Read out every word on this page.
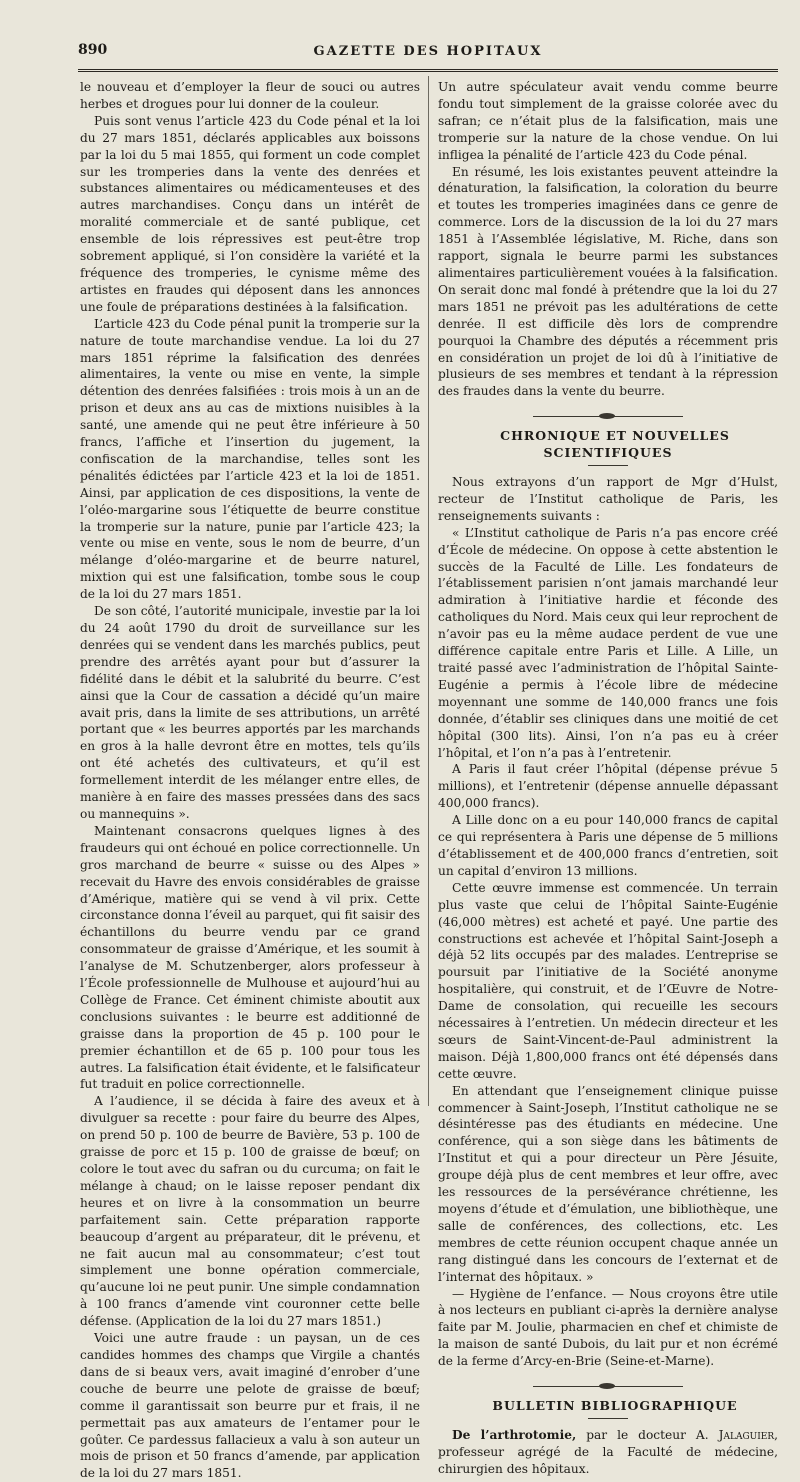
890	GAZETTE DES HOPITAUX

le nouveau et d’employer la fleur de souci ou autres herbes et drogues pour lui donner de la couleur.

Puis sont venus l’article 423 du Code pénal et la loi du 27 mars 1851, déclarés applicables aux boissons par la loi du 5 mai 1855, qui forment un code complet sur les tromperies dans la vente des denrées et substances alimentaires ou médicamenteuses et des autres marchandises. Conçu dans un intérêt de moralité commerciale et de santé publique, cet ensemble de lois répressives est peut-être trop sobrement appliqué, si l’on considère la variété et la fréquence des tromperies, le cynisme même des artistes en fraudes qui déposent dans les annonces une foule de préparations destinées à la falsification.

L’article 423 du Code pénal punit la tromperie sur la nature de toute marchandise vendue. La loi du 27 mars 1851 réprime la falsification des denrées alimentaires, la vente ou mise en vente, la simple détention des denrées falsifiées : trois mois à un an de prison et deux ans au cas de mixtions nuisibles à la santé, une amende qui ne peut être inférieure à 50 francs, l’affiche et l’insertion du jugement, la confiscation de la marchandise, telles sont les pénalités édictées par l’article 423 et la loi de 1851. Ainsi, par application de ces dispositions, la vente de l’oléo-margarine sous l’étiquette de beurre constitue la tromperie sur la nature, punie par l’article 423; la vente ou mise en vente, sous le nom de beurre, d’un mélange d’oléo-margarine et de beurre naturel, mixtion qui est une falsification, tombe sous le coup de la loi du 27 mars 1851.

De son côté, l’autorité municipale, investie par la loi du 24 août 1790 du droit de surveillance sur les denrées qui se vendent dans les marchés publics, peut prendre des arrêtés ayant pour but d’assurer la fidélité dans le débit et la salubrité du beurre. C’est ainsi que la Cour de cassation a décidé qu’un maire avait pris, dans la limite de ses attributions, un arrêté portant que « les beurres apportés par les marchands en gros à la halle devront être en mottes, tels qu’ils ont été achetés des cultivateurs, et qu’il est formellement interdit de les mélanger entre elles, de manière à en faire des masses pressées dans des sacs ou mannequins ».

Maintenant consacrons quelques lignes à des fraudeurs qui ont échoué en police correctionnelle. Un gros marchand de beurre « suisse ou des Alpes » recevait du Havre des envois considérables de graisse d’Amérique, matière qui se vend à vil prix. Cette circonstance donna l’éveil au parquet, qui fit saisir des échantillons du beurre vendu par ce grand consommateur de graisse d’Amérique, et les soumit à l’analyse de M. Schutzenberger, alors professeur à l’École professionnelle de Mulhouse et aujourd’hui au Collège de France. Cet éminent chimiste aboutit aux conclusions suivantes : le beurre est additionné de graisse dans la proportion de 45 p. 100 pour le premier échantillon et de 65 p. 100 pour tous les autres. La falsification était évidente, et le falsificateur fut traduit en police correctionnelle.

A l’audience, il se décida à faire des aveux et à divulguer sa recette : pour faire du beurre des Alpes, on prend 50 p. 100 de beurre de Bavière, 53 p. 100 de graisse de porc et 15 p. 100 de graisse de bœuf; on colore le tout avec du safran ou du curcuma; on fait le mélange à chaud; on le laisse reposer pendant dix heures et on livre à la consommation un beurre parfaitement sain. Cette préparation rapporte beaucoup d’argent au préparateur, dit le prévenu, et ne fait aucun mal au consommateur; c’est tout simplement une bonne opération commerciale, qu’aucune loi ne peut punir. Une simple condamnation à 100 francs d’amende vint couronner cette belle défense. (Application de la loi du 27 mars 1851.)

Voici une autre fraude : un paysan, un de ces candides hommes des champs que Virgile a chantés dans de si beaux vers, avait imaginé d’enrober d’une couche de beurre une pelote de graisse de bœuf; comme il garantissait son beurre pur et frais, il ne permettait pas aux amateurs de l’entamer pour le goûter. Ce pardessus fallacieux a valu à son auteur un mois de prison et 50 francs d’amende, par application de la loi du 27 mars 1851.

Un autre spéculateur avait vendu comme beurre fondu tout simplement de la graisse colorée avec du safran; ce n’était plus de la falsification, mais une tromperie sur la nature de la chose vendue. On lui infligea la pénalité de l’article 423 du Code pénal.

En résumé, les lois existantes peuvent atteindre la dénaturation, la falsification, la coloration du beurre et toutes les tromperies imaginées dans ce genre de commerce. Lors de la discussion de la loi du 27 mars 1851 à l’Assemblée législative, M. Riche, dans son rapport, signala le beurre parmi les substances alimentaires particulièrement vouées à la falsification. On serait donc mal fondé à prétendre que la loi du 27 mars 1851 ne prévoit pas les adultérations de cette denrée. Il est difficile dès lors de comprendre pourquoi la Chambre des députés a récemment pris en considération un projet de loi dû à l’initiative de plusieurs de ses membres et tendant à la répression des fraudes dans la vente du beurre.

CHRONIQUE ET NOUVELLES SCIENTIFIQUES

Nous extrayons d’un rapport de Mgr d’Hulst, recteur de l’Institut catholique de Paris, les renseignements suivants :

« L’Institut catholique de Paris n’a pas encore créé d’École de médecine. On oppose à cette abstention le succès de la Faculté de Lille. Les fondateurs de l’établissement parisien n’ont jamais marchandé leur admiration à l’initiative hardie et féconde des catholiques du Nord. Mais ceux qui leur reprochent de n’avoir pas eu la même audace perdent de vue une différence capitale entre Paris et Lille. A Lille, un traité passé avec l’administration de l’hôpital Sainte-Eugénie a permis à l’école libre de médecine moyennant une somme de 140,000 francs une fois donnée, d’établir ses cliniques dans une moitié de cet hôpital (300 lits). Ainsi, l’on n’a pas eu à créer l’hôpital, et l’on n’a pas à l’entretenir.

A Paris il faut créer l’hôpital (dépense prévue 5 millions), et l’entretenir (dépense annuelle dépassant 400,000 francs).

A Lille donc on a eu pour 140,000 francs de capital ce qui représentera à Paris une dépense de 5 millions d’établissement et de 400,000 francs d’entretien, soit un capital d’environ 13 millions.

Cette œuvre immense est commencée. Un terrain plus vaste que celui de l’hôpital Sainte-Eugénie (46,000 mètres) est acheté et payé. Une partie des constructions est achevée et l’hôpital Saint-Joseph a déjà 52 lits occupés par des malades. L’entreprise se poursuit par l’initiative de la Société anonyme hospitalière, qui construit, et de l’Œuvre de Notre-Dame de consolation, qui recueille les secours nécessaires à l’entretien. Un médecin directeur et les sœurs de Saint-Vincent-de-Paul administrent la maison. Déjà 1,800,000 francs ont été dépensés dans cette œuvre.

En attendant que l’enseignement clinique puisse commencer à Saint-Joseph, l’Institut catholique ne se désintéresse pas des étudiants en médecine. Une conférence, qui a son siège dans les bâtiments de l’Institut et qui a pour directeur un Père Jésuite, groupe déjà plus de cent membres et leur offre, avec les ressources de la persévérance chrétienne, les moyens d’étude et d’émulation, une bibliothèque, une salle de conférences, des collections, etc. Les membres de cette réunion occupent chaque année un rang distingué dans les concours de l’externat et de l’internat des hôpitaux. »

— Hygiène de l’enfance. — Nous croyons être utile à nos lecteurs en publiant ci-après la dernière analyse faite par M. Joulie, pharmacien en chef et chimiste de la maison de santé Dubois, du lait pur et non écrémé de la ferme d’Arcy-en-Brie (Seine-et-Marne).

BULLETIN BIBLIOGRAPHIQUE

De l’arthrotomie, par le docteur A. Jalaguier, professeur agrégé de la Faculté de médecine, chirurgien des hôpitaux.
